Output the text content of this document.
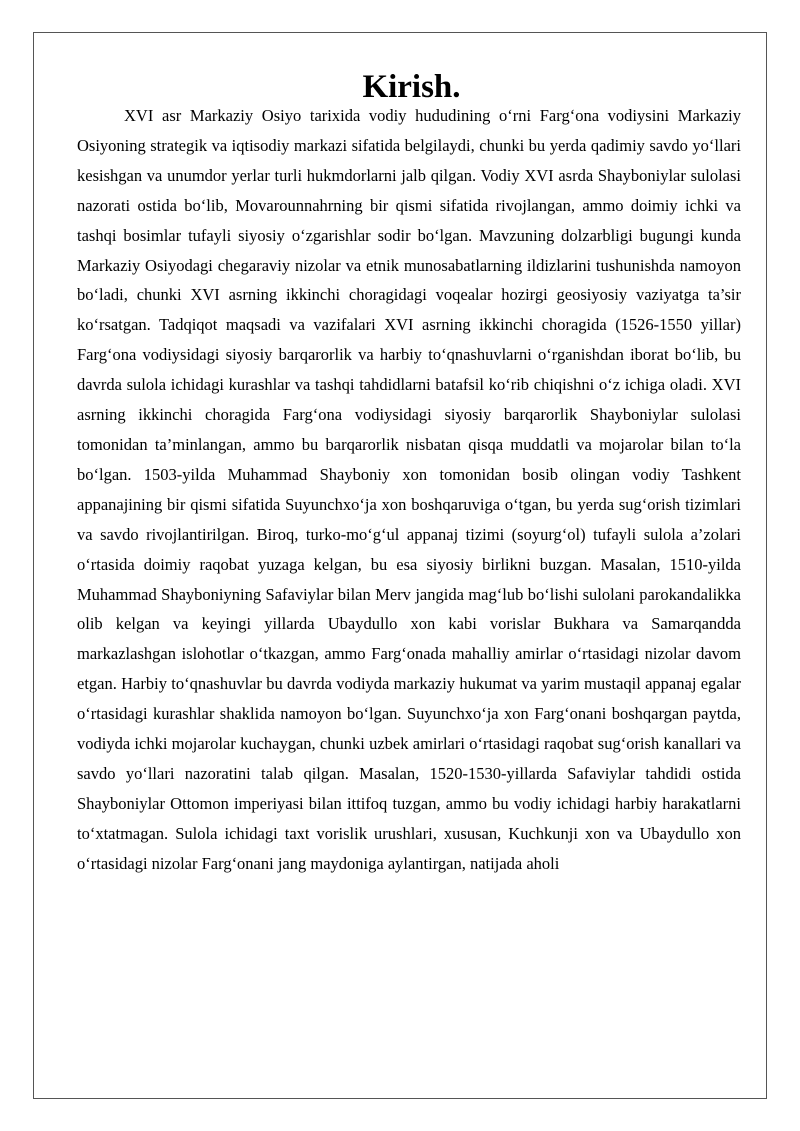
Kirish.

XVI asr Markaziy Osiyo tarixida vodiy hududining o‘rni Farg‘ona vodiysini Markaziy Osiyoning strategik va iqtisodiy markazi sifatida belgilaydi, chunki bu yerda qadimiy savdo yo‘llari kesishgan va unumdor yerlar turli hukmdorlarni jalb qilgan. Vodiy XVI asrda Shayboniylar sulolasi nazorati ostida bo‘lib, Movarounnahrning bir qismi sifatida rivojlangan, ammo doimiy ichki va tashqi bosimlar tufayli siyosiy o‘zgarishlar sodir bo‘lgan. Mavzuning dolzarbligi bugungi kunda Markaziy Osiyodagi chegaraviy nizolar va etnik munosabatlarning ildizlarini tushunishda namoyon bo‘ladi, chunki XVI asrning ikkinchi choragidagi voqealar hozirgi geosiyosiy vaziyatga ta’sir ko‘rsatgan. Tadqiqot maqsadi va vazifalari XVI asrning ikkinchi choragida (1526-1550 yillar) Farg‘ona vodiysidagi siyosiy barqarorlik va harbiy to‘qnashuvlarni o‘rganishdan iborat bo‘lib, bu davrda sulola ichidagi kurashlar va tashqi tahdidlarni batafsil ko‘rib chiqishni o‘z ichiga oladi. XVI asrning ikkinchi choragida Farg‘ona vodiysidagi siyosiy barqarorlik Shayboniylar sulolasi tomonidan ta’minlangan, ammo bu barqarorlik nisbatan qisqa muddatli va mojarolar bilan to‘la bo‘lgan. 1503-yilda Muhammad Shayboniy xon tomonidan bosib olingan vodiy Tashkent appanajining bir qismi sifatida Suyunchxo‘ja xon boshqaruviga o‘tgan, bu yerda sug‘orish tizimlari va savdo rivojlantirilgan. Biroq, turko-mo‘g‘ul appanaj tizimi (soyurg‘ol) tufayli sulola a’zolari o‘rtasida doimiy raqobat yuzaga kelgan, bu esa siyosiy birlikni buzgan. Masalan, 1510-yilda Muhammad Shayboniyning Safaviylar bilan Merv jangida mag‘lub bo‘lishi sulolani parokandalikka olib kelgan va keyingi yillarda Ubaydullo xon kabi vorislar Bukhara va Samarqandda markazlashgan islohotlar o‘tkazgan, ammo Farg‘onada mahalliy amirlar o‘rtasidagi nizolar davom etgan. Harbiy to‘qnashuvlar bu davrda vodiyda markaziy hukumat va yarim mustaqil appanaj egalar o‘rtasidagi kurashlar shaklida namoyon bo‘lgan. Suyunchxo‘ja xon Farg‘onani boshqargan paytda, vodiyda ichki mojarolar kuchaygan, chunki uzbek amirlari o‘rtasidagi raqobat sug‘orish kanallari va savdo yo‘llari nazoratini talab qilgan. Masalan, 1520-1530-yillarda Safaviylar tahdidi ostida Shayboniylar Ottomon imperiyasi bilan ittifoq tuzgan, ammo bu vodiy ichidagi harbiy harakatlarni to‘xtatmagan. Sulola ichidagi taxt vorislik urushlari, xususan, Kuchkunji xon va Ubaydullo xon o‘rtasidagi nizolar Farg‘onani jang maydoniga aylantirgan, natijada aholi
